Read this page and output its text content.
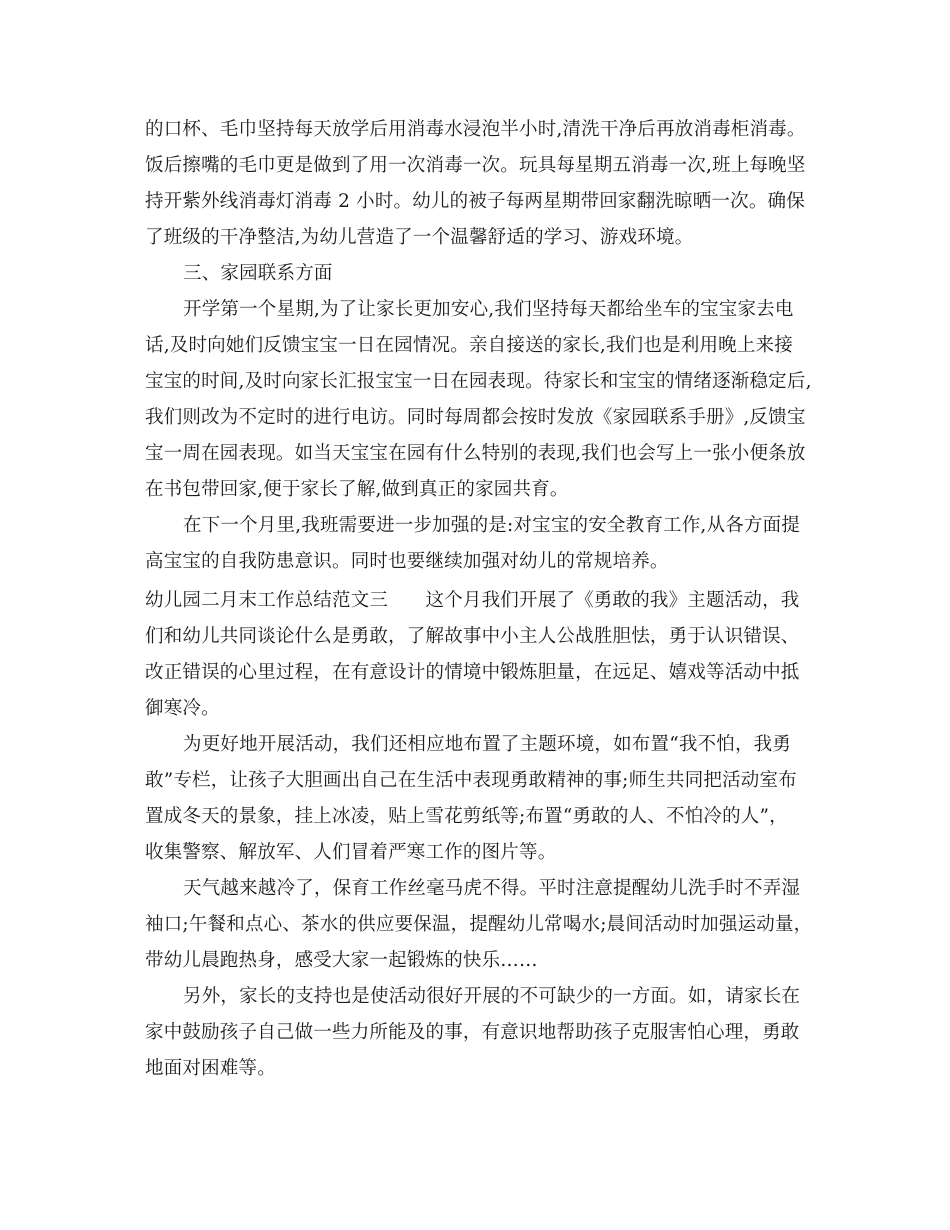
的口杯、毛巾坚持每天放学后用消毒水浸泡半小时,清洗干净后再放消毒柜消毒。
饭后擦嘴的毛巾更是做到了用一次消毒一次。玩具每星期五消毒一次,班上每晚坚
持开紫外线消毒灯消毒 2 小时。幼儿的被子每两星期带回家翻洗晾晒一次。确保
了班级的干净整洁,为幼儿营造了一个温馨舒适的学习、游戏环境。
三、家园联系方面
开学第一个星期,为了让家长更加安心,我们坚持每天都给坐车的宝宝家去电
话,及时向她们反馈宝宝一日在园情况。亲自接送的家长,我们也是利用晚上来接
宝宝的时间,及时向家长汇报宝宝一日在园表现。待家长和宝宝的情绪逐渐稳定后,
我们则改为不定时的进行电访。同时每周都会按时发放《家园联系手册》,反馈宝
宝一周在园表现。如当天宝宝在园有什么特别的表现,我们也会写上一张小便条放
在书包带回家,便于家长了解,做到真正的家园共育。
在下一个月里,我班需要进一步加强的是:对宝宝的安全教育工作,从各方面提
高宝宝的自我防患意识。同时也要继续加强对幼儿的常规培养。
幼儿园二月末工作总结范文三　　这个月我们开展了《勇敢的我》主题活动，我
们和幼儿共同谈论什么是勇敢，了解故事中小主人公战胜胆怯，勇于认识错误、
改正错误的心里过程，在有意设计的情境中锻炼胆量，在远足、嬉戏等活动中抵
御寒冷。
为更好地开展活动，我们还相应地布置了主题环境，如布置“我不怕，我勇
敢”专栏，让孩子大胆画出自己在生活中表现勇敢精神的事;师生共同把活动室布
置成冬天的景象，挂上冰凌，贴上雪花剪纸等;布置“勇敢的人、不怕冷的人”，
收集警察、解放军、人们冒着严寒工作的图片等。
天气越来越冷了，保育工作丝毫马虎不得。平时注意提醒幼儿洗手时不弄湿
袖口;午餐和点心、茶水的供应要保温，提醒幼儿常喝水;晨间活动时加强运动量，
带幼儿晨跑热身，感受大家一起锻炼的快乐……
另外，家长的支持也是使活动很好开展的不可缺少的一方面。如，请家长在
家中鼓励孩子自己做一些力所能及的事，有意识地帮助孩子克服害怕心理，勇敢
地面对困难等。
